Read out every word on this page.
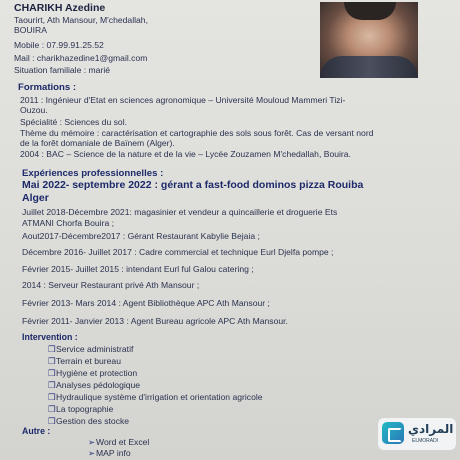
CHARIKH Azedine
Taourirt, Ath Mansour, M'chedallah,
BOUIRA
Mobile : 07.99.91.25.52
Mail : charikhazedine1@gmail.com
Situation familiale : marié
Formations :
2011 : Ingénieur d'Etat en sciences agronomique – Université Mouloud Mammeri Tizi-
Ouzou.
Spécialité : Sciences du sol.
Thème du mémoire : caractérisation et cartographie des sols sous forêt. Cas de versant nord
de la forêt domaniale de Baïnem (Alger).
2004 : BAC – Science de la nature et de la vie – Lycée Zouzamen M'chedallah, Bouira.
Expériences professionnelles :
Mai 2022- septembre 2022 : gérant a fast-food dominos pizza Rouiba
Alger
Juillet 2018-Décembre 2021: magasinier et vendeur a quincaillerie et droguerie Ets
ATMANI Chorfa Bouira ;
Aout2017-Décembre2017 : Gérant Restaurant Kabylie Bejaia ;
Décembre 2016- Juillet 2017 : Cadre commercial et technique Eurl Djelfa pompe ;
Février 2015- Juillet 2015 : intendant Eurl ful Galou catering ;
2014 : Serveur Restaurant privé Ath Mansour ;
Février 2013- Mars 2014 : Agent Bibliothèque APC Ath Mansour ;
Février 2011- Janvier 2013 : Agent Bureau agricole APC Ath Mansour.
Intervention :
❒Service administratif
❒Terrain et bureau
❒Hygiène et protection
❒Analyses pédologique
❒Hydraulique système d'irrigation et orientation agricole
❒La topographie
❒Gestion des stocke
Autre :
➢Word et Excel
➢MAP info
المرادي
ELMORADI
